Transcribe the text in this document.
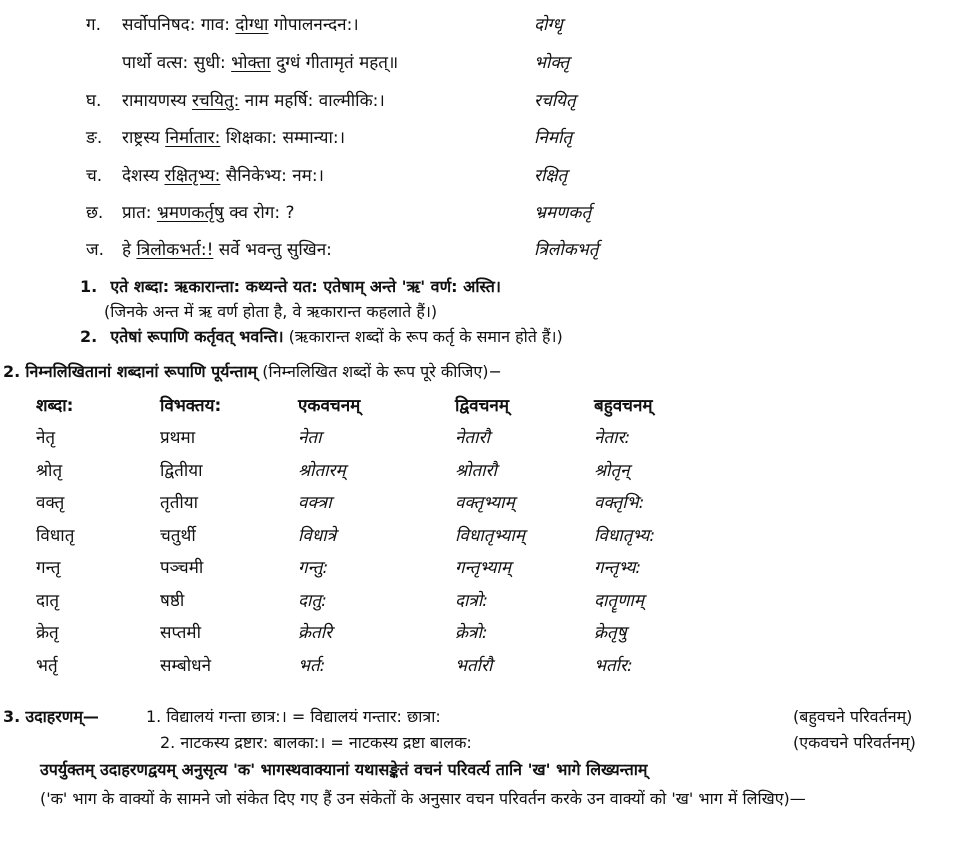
ग. सर्वोपनिषद: गाव: दोग्धा गोपालनन्दन:।	दोग्धृ
पार्थो वत्स: सुधी: भोक्ता दुग्धं गीतामृतं महत्॥	भोक्तृ
घ. रामायणस्य रचयितु: नाम महर्षि: वाल्मीकि:।	रचयितृ
ङ. राष्ट्रस्य निर्मातार: शिक्षका: सम्मान्या:।	निर्मातृ
च. देशस्य रक्षितृभ्य: सैनिकेभ्य: नम:।	रक्षितृ
छ. प्रात: भ्रमणकर्तृषु क्व रोग: ?	भ्रमणकर्तृ
ज. हे त्रिलोकभर्त:! सर्वे भवन्तु सुखिन:	त्रिलोकभर्तृ
1. एते शब्दा: ऋकारान्ता: कथ्यन्ते यत: एतेषाम् अन्ते 'ऋ' वर्ण: अस्ति।
(जिनके अन्त में ऋ वर्ण होता है, वे ऋकारान्त कहलाते हैं।)
2. एतेषां रूपाणि कर्तृवत् भवन्ति। (ऋकारान्त शब्दों के रूप कर्तृ के समान होते हैं।)
2. निम्नलिखितानां शब्दानां रूपाणि पूर्यन्ताम् (निम्नलिखित शब्दों के रूप पूरे कीजिए)−
शब्दा:	विभक्तय:	एकवचनम्	द्विवचनम्	बहुवचनम्
नेतृ	प्रथमा	नेता	नेतारौ	नेतार:
श्रोतृ	द्वितीया	श्रोतारम्	श्रोतारौ	श्रोतृन्
वक्तृ	तृतीया	वक्त्रा	वक्तृभ्याम्	वक्तृभि:
विधातृ	चतुर्थी	विधात्रे	विधातृभ्याम्	विधातृभ्य:
गन्तृ	पञ्चमी	गन्तु:	गन्तृभ्याम्	गन्तृभ्य:
दातृ	षष्ठी	दातु:	दात्रो:	दातॄणाम्
क्रेतृ	सप्तमी	क्रेतरि	क्रेत्रो:	क्रेतृषु
भर्तृ	सम्बोधने	भर्त:	भर्तारौ	भर्तार:
3. उदाहरणम्—	1. विद्यालयं गन्ता छात्र:। = विद्यालयं गन्तार: छात्रा:	(बहुवचने परिवर्तनम्)
2. नाटकस्य द्रष्टार: बालका:। = नाटकस्य द्रष्टा बालक:	(एकवचने परिवर्तनम्)
उपर्युक्तम् उदाहरणद्वयम् अनुसृत्य 'क' भागस्थवाक्यानां यथासङ्केतं वचनं परिवर्त्य तानि 'ख' भागे लिख्यन्ताम्
('क' भाग के वाक्यों के सामने जो संकेत दिए गए हैं उन संकेतों के अनुसार वचन परिवर्तन करके उन वाक्यों को 'ख' भाग में लिखिए)—
